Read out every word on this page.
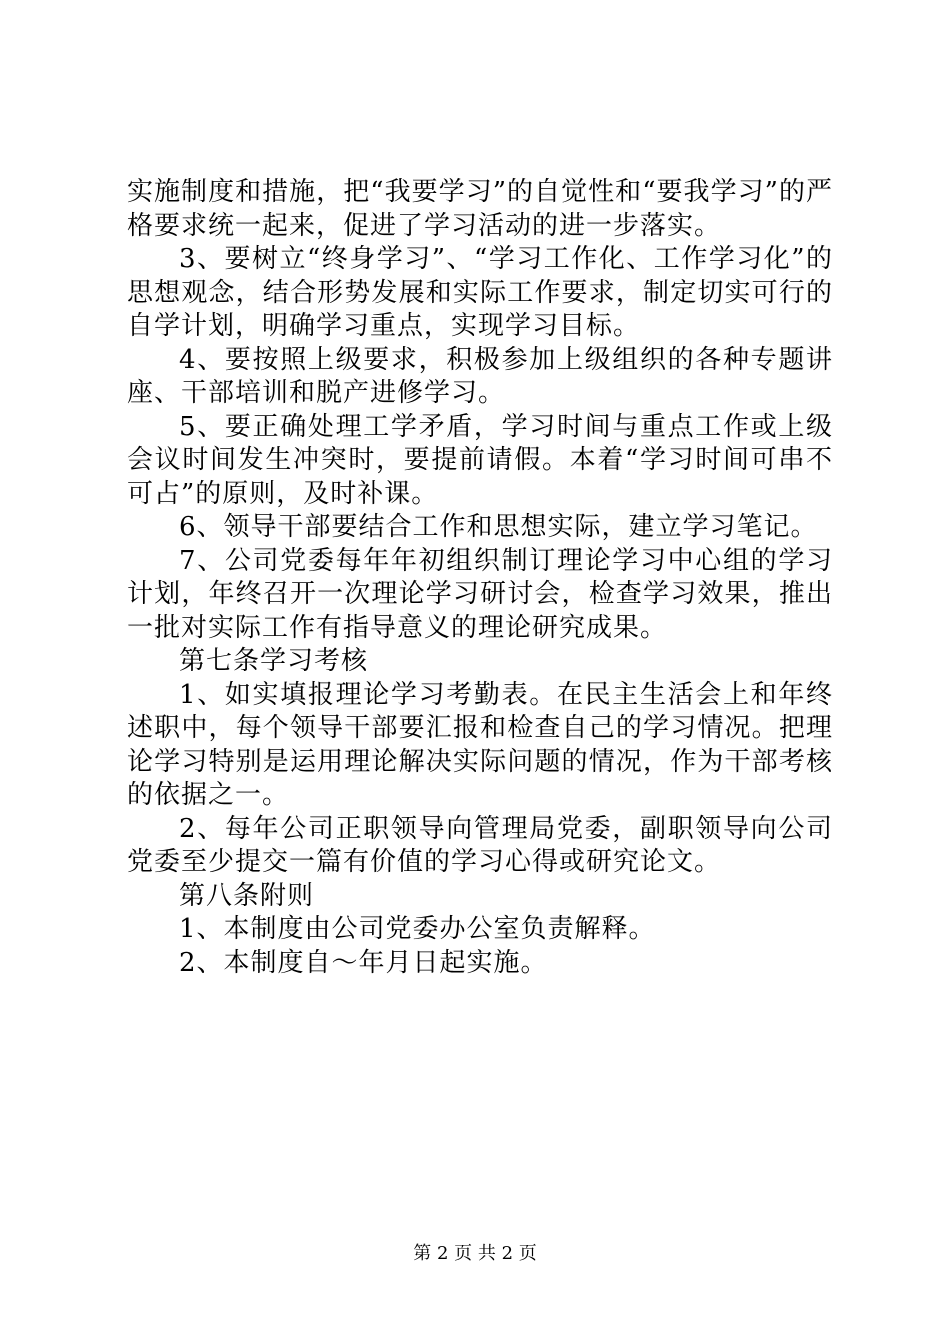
实施制度和措施，把“我要学习”的自觉性和“要我学习”的严格要求统一起来，促进了学习活动的进一步落实。

3、要树立“终身学习”、“学习工作化、工作学习化”的思想观念，结合形势发展和实际工作要求，制定切实可行的自学计划，明确学习重点，实现学习目标。

4、要按照上级要求，积极参加上级组织的各种专题讲座、干部培训和脱产进修学习。

5、要正确处理工学矛盾，学习时间与重点工作或上级会议时间发生冲突时，要提前请假。本着“学习时间可串不可占”的原则，及时补课。

6、领导干部要结合工作和思想实际，建立学习笔记。

7、公司党委每年年初组织制订理论学习中心组的学习计划，年终召开一次理论学习研讨会，检查学习效果，推出一批对实际工作有指导意义的理论研究成果。

第七条学习考核

1、如实填报理论学习考勤表。在民主生活会上和年终述职中，每个领导干部要汇报和检查自己的学习情况。把理论学习特别是运用理论解决实际问题的情况，作为干部考核的依据之一。

2、每年公司正职领导向管理局党委，副职领导向公司党委至少提交一篇有价值的学习心得或研究论文。

第八条附则

1、本制度由公司党委办公室负责解释。

2、本制度自～年月日起实施。

第 2 页 共 2 页
